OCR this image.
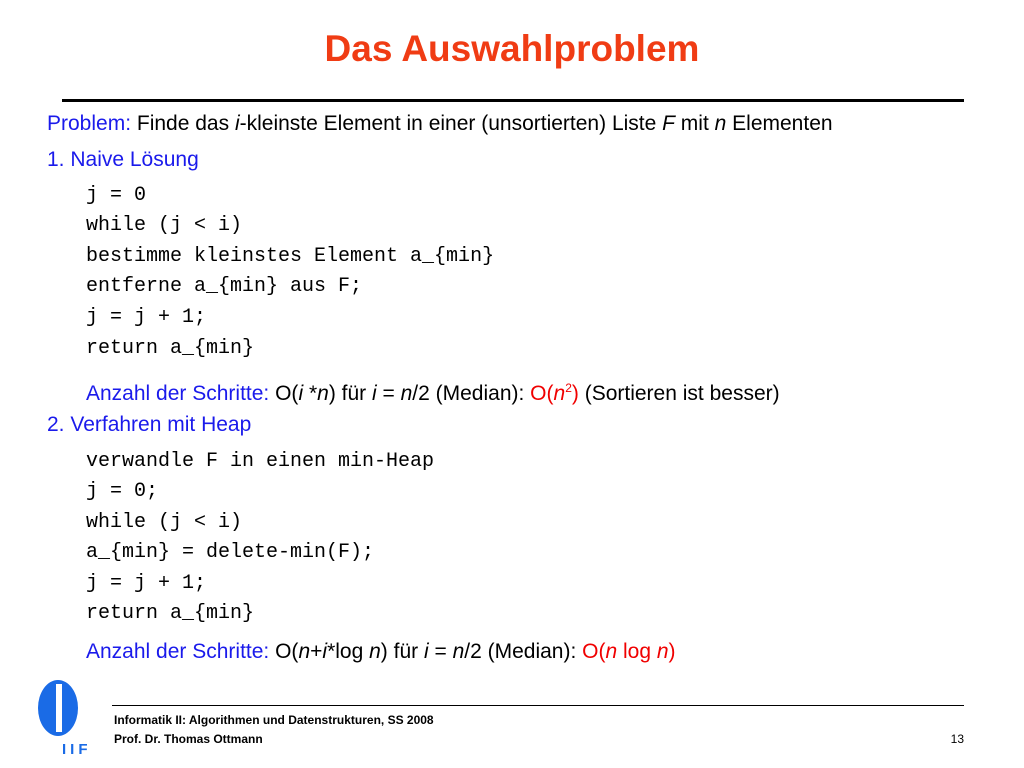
Das Auswahlproblem
Problem: Finde das i-kleinste Element in einer (unsortierten) Liste F mit n Elementen
1. Naive Lösung
j = 0
while (j < i)
bestimme kleinstes Element a_{min}
entferne a_{min} aus F;
j = j + 1;
return a_{min}
Anzahl der Schritte: O(i *n) für i = n/2 (Median): $O(n^2)$ (Sortieren ist besser)
2. Verfahren mit Heap
verwandle F in einen min-Heap
j = 0;
while (j < i)
a_{min} = delete-min(F);
j = j + 1;
return a_{min}
Anzahl der Schritte: O(n+i*log n) für i = n/2 (Median): O(n log n)
IIF
Informatik II: Algorithmen und Datenstrukturen, SS 2008
Prof. Dr. Thomas Ottmann	13
